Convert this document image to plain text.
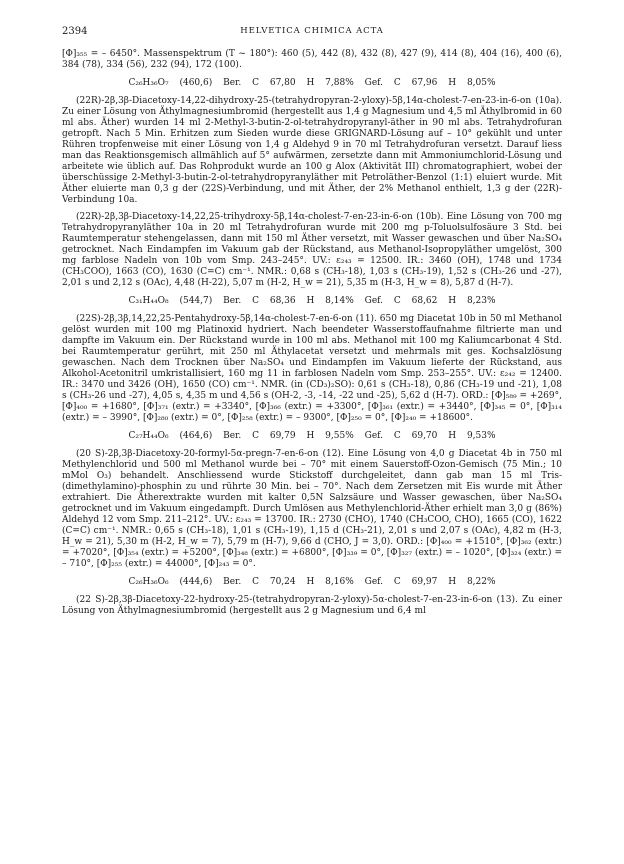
2394	HELVETICA CHIMICA ACTA

[Φ]₃₅₅ = – 6450°. Massenspektrum (T ~ 180°): 460 (5), 442 (8), 432 (8), 427 (9), 414 (8), 404 (16), 400 (6), 384 (78), 334 (56), 232 (94), 172 (100).

C₂₆H₃₆O₇ (460,6) Ber. C 67,80 H 7,88% Gef. C 67,96 H 8,05%

(22R)-2β,3β-Diacetoxy-14,22-dihydroxy-25-(tetrahydropyran-2-yloxy)-5β,14α-cholest-7-en-23-in-6-on (10a). Zu einer Lösung von Äthylmagnesiumbromid (hergestellt aus 1,4 g Magnesium und 4,5 ml Äthylbromid in 60 ml abs. Äther) wurden 14 ml 2-Methyl-3-butin-2-ol-tetrahydropyranyl-äther in 90 ml abs. Tetrahydrofuran getropft. Nach 5 Min. Erhitzen zum Sieden wurde diese GRIGNARD-Lösung auf – 10° gekühlt und unter Rühren tropfenweise mit einer Lösung von 1,4 g Aldehyd 9 in 70 ml Tetrahydrofuran versetzt. Darauf liess man das Reaktionsgemisch allmählich auf 5° aufwärmen, zersetzte dann mit Ammoniumchlorid-Lösung und arbeitete wie üblich auf. Das Rohprodukt wurde an 100 g Alox (Aktivität III) chromatographiert, wobei der überschüssige 2-Methyl-3-butin-2-ol-tetrahydropyranyläther mit Petroläther-Benzol (1:1) eluiert wurde. Mit Äther eluierte man 0,3 g der (22S)-Verbindung, und mit Äther, der 2% Methanol enthielt, 1,3 g der (22R)-Verbindung 10a.

(22R)-2β,3β-Diacetoxy-14,22,25-trihydroxy-5β,14α-cholest-7-en-23-in-6-on (10b). Eine Lösung von 700 mg Tetrahydropyranyläther 10a in 20 ml Tetrahydrofuran wurde mit 200 mg p-Toluolsulfosäure 3 Std. bei Raumtemperatur stehengelassen, dann mit 150 ml Äther versetzt, mit Wasser gewaschen und über Na₂SO₄ getrocknet. Nach Eindampfen im Vakuum gab der Rückstand, aus Methanol-Isopropyläther umgelöst, 300 mg farblose Nadeln von 10b vom Smp. 243–245°. UV.: ε₂₄₃ = 12500. IR.: 3460 (OH), 1748 und 1734 (CH₃COO), 1663 (CO), 1630 (C=C) cm⁻¹. NMR.: 0,68 s (CH₃-18), 1,03 s (CH₃-19), 1,52 s (CH₃-26 und -27), 2,01 s und 2,12 s (OAc), 4,48 (H-22), 5,07 m (H-2, H_w = 21), 5,35 m (H-3, H_w = 8), 5,87 d (H-7).

C₃₁H₄₄O₈ (544,7) Ber. C 68,36 H 8,14% Gef. C 68,62 H 8,23%

(22S)-2β,3β,14,22,25-Pentahydroxy-5β,14α-cholest-7-en-6-on (11). 650 mg Diacetat 10b in 50 ml Methanol gelöst wurden mit 100 mg Platinoxid hydriert. Nach beendeter Wasserstoffaufnahme filtrierte man und dampfte im Vakuum ein. Der Rückstand wurde in 100 ml abs. Methanol mit 100 mg Kaliumcarbonat 4 Std. bei Raumtemperatur gerührt, mit 250 ml Äthylacetat versetzt und mehrmals mit ges. Kochsalzlösung gewaschen. Nach dem Trocknen über Na₂SO₄ und Eindampfen im Vakuum lieferte der Rückstand, aus Alkohol-Acetonitril umkristallisiert, 160 mg 11 in farblosen Nadeln vom Smp. 253–255°. UV.: ε₂₄₂ = 12400. IR.: 3470 und 3426 (OH), 1650 (CO) cm⁻¹. NMR. (in (CD₃)₂SO): 0,61 s (CH₃-18), 0,86 (CH₃-19 und -21), 1,08 s (CH₃-26 und -27), 4,05 s, 4,35 m und 4,56 s (OH-2, -3, -14, -22 und -25), 5,62 d (H-7). ORD.: [Φ]₅₈₉ = +269°, [Φ]₄₀₀ = +1680°, [Φ]₃₇₁ (extr.) = +3340°, [Φ]₃₆₆ (extr.) = +3300°, [Φ]₃₆₁ (extr.) = +3440°, [Φ]₃₄₅ = 0°, [Φ]₃₁₄ (extr.) = – 3990°, [Φ]₂₈₀ (extr.) = 0°, [Φ]₂₅₈ (extr.) = – 9300°, [Φ]₂₅₀ = 0°, [Φ]₂₄₀ = +18600°.

C₂₇H₄₄O₆ (464,6) Ber. C 69,79 H 9,55% Gef. C 69,70 H 9,53%

(20 S)-2β,3β-Diacetoxy-20-formyl-5α-pregn-7-en-6-on (12). Eine Lösung von 4,0 g Diacetat 4b in 750 ml Methylenchlorid und 500 ml Methanol wurde bei – 70° mit einem Sauerstoff-Ozon-Gemisch (75 Min.; 10 mMol O₃) behandelt. Anschliessend wurde Stickstoff durchgeleitet, dann gab man 15 ml Tris-(dimethylamino)-phosphin zu und rührte 30 Min. bei – 70°. Nach dem Zersetzen mit Eis wurde mit Äther extrahiert. Die Ätherextrakte wurden mit kalter 0,5N Salzsäure und Wasser gewaschen, über Na₂SO₄ getrocknet und im Vakuum eingedampft. Durch Umlösen aus Methylenchlorid-Äther erhielt man 3,0 g (86%) Aldehyd 12 vom Smp. 211–212°. UV.: ε₂₄₃ = 13700. IR.: 2730 (CHO), 1740 (CH₃COO, CHO), 1665 (CO), 1622 (C=C) cm⁻¹. NMR.: 0,65 s (CH₃-18), 1,01 s (CH₃-19), 1,15 d (CH₃-21), 2,01 s und 2,07 s (OAc), 4,82 m (H-3, H_w = 21), 5,30 m (H-2, H_w = 7), 5,79 m (H-7), 9,66 d (CHO, J = 3,0). ORD.: [Φ]₄₀₀ = +1510°, [Φ]₃₆₂ (extr.) = +7020°, [Φ]₃₅₄ (extr.) = +5200°, [Φ]₃₄₈ (extr.) = +6800°, [Φ]₃₃₉ = 0°, [Φ]₃₂₇ (extr.) = – 1020°, [Φ]₃₂₄ (extr.) = – 710°, [Φ]₂₅₅ (extr.) = 44000°, [Φ]₂₄₃ = 0°.

C₂₆H₃₆O₆ (444,6) Ber. C 70,24 H 8,16% Gef. C 69,97 H 8,22%

(22 S)-2β,3β-Diacetoxy-22-hydroxy-25-(tetrahydropyran-2-yloxy)-5α-cholest-7-en-23-in-6-on (13). Zu einer Lösung von Äthylmagnesiumbromid (hergestellt aus 2 g Magnesium und 6,4 ml
